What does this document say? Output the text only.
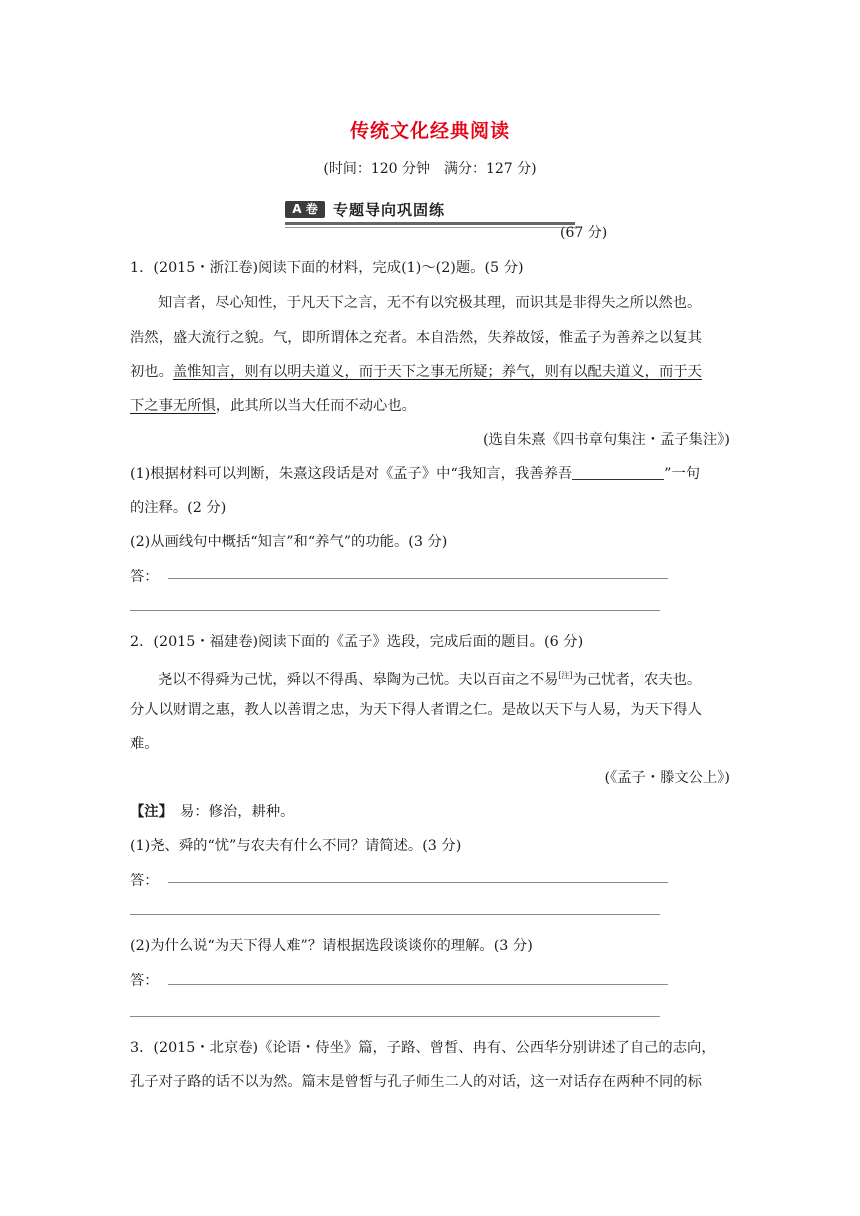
传统文化经典阅读
(时间：120 分钟　满分：127 分)
A 卷	专题导向巩固练
(67 分)
1．(2015・浙江卷)阅读下面的材料，完成(1)～(2)题。(5 分)
知言者，尽心知性，于凡天下之言，无不有以究极其理，而识其是非得失之所以然也。
浩然，盛大流行之貌。气，即所谓体之充者。本自浩然，失养故馁，惟孟子为善养之以复其
初也。盖惟知言，则有以明夫道义，而于天下之事无所疑；养气，则有以配夫道义，而于天
下之事无所惧，此其所以当大任而不动心也。
(选自朱熹《四书章句集注・孟子集注》)
(1)根据材料可以判断，朱熹这段话是对《孟子》中“我知言，我善养吾	”一句
的注释。(2 分)
(2)从画线句中概括“知言”和“养气”的功能。(3 分)
答：
2．(2015・福建卷)阅读下面的《孟子》选段，完成后面的题目。(6 分)
尧以不得舜为己忧，舜以不得禹、皋陶为己忧。夫以百亩之不易[注]为己忧者，农夫也。
分人以财谓之惠，教人以善谓之忠，为天下得人者谓之仁。是故以天下与人易，为天下得人
难。
(《孟子・滕文公上》)
【注】　 易：修治，耕种。
(1)尧、舜的“忧”与农夫有什么不同？请简述。(3 分)
答：
(2)为什么说“为天下得人难”？请根据选段谈谈你的理解。(3 分)
答：
3．(2015・北京卷)《论语・侍坐》篇，子路、曾皙、冉有、公西华分别讲述了自己的志向，
孔子对子路的话不以为然。篇末是曾皙与孔子师生二人的对话，这一对话存在两种不同的标
